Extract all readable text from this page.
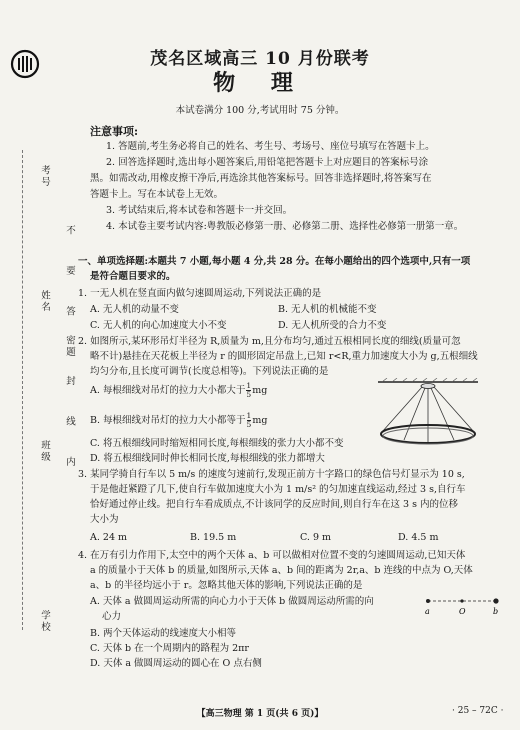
茂名区域高三 10 月份联考
物 理
本试卷满分 100 分,考试用时 75 分钟。
注意事项:
1. 答题前,考生务必将自己的姓名、考生号、考场号、座位号填写在答题卡上。
2. 回答选择题时,选出每小题答案后,用铅笔把答题卡上对应题目的答案标号涂
黑。如需改动,用橡皮擦干净后,再选涂其他答案标号。回答非选择题时,将答案写在
答题卡上。写在本试卷上无效。
3. 考试结束后,将本试卷和答题卡一并交回。
4. 本试卷主要考试内容:粤教版必修第一册、必修第二册、选择性必修第一册第一章。
考号
姓名
班级
学校
不 要 答 题
密 封 线 内
一、单项选择题:本题共 7 小题,每小题 4 分,共 28 分。在每小题给出的四个选项中,只有一项
是符合题目要求的。
1. 一无人机在竖直面内做匀速圆周运动,下列说法正确的是
A. 无人机的动量不变	B. 无人机的机械能不变
C. 无人机的向心加速度大小不变	D. 无人机所受的合力不变
2. 如图所示,某环形吊灯半径为 R,质量为 m,且分布均匀,通过五根相同长度的细线(质量可忽
略不计)悬挂在天花板上半径为 r 的圆形固定吊盘上,已知 r<R,重力加速度大小为 g,五根细线
均匀分布,且长度可调节(长度总相等)。下列说法正确的是
A. 每根细线对吊灯的拉力大小都大于 $\frac{1}{5}$ mg
B. 每根细线对吊灯的拉力大小都等于 $\frac{1}{5}$ mg
C. 将五根细线同时缩短相同长度,每根细线的张力大小都不变
D. 将五根细线同时伸长相同长度,每根细线的张力都增大
3. 某同学骑自行车以 5 m/s 的速度匀速前行,发现正前方十字路口的绿色信号灯显示为 10 s,
于是他赶紧蹬了几下,使自行车做加速度大小为 1 m/s² 的匀加速直线运动,经过 3 s,自行车
恰好通过停止线。把自行车看成质点,不计该同学的反应时间,则自行车在这 3 s 内的位移
大小为
A. 24 m	B. 19.5 m	C. 9 m	D. 4.5 m
4. 在万有引力作用下,太空中的两个天体 a、b 可以做相对位置不变的匀速圆周运动,已知天体
a 的质量小于天体 b 的质量,如图所示,天体 a、b 间的距离为 2r,a、b 连线的中点为 O,天体
a、b 的半径均远小于 r。忽略其他天体的影响,下列说法正确的是
A. 天体 a 做圆周运动所需的向心力小于天体 b 做圆周运动所需的向
心力
B. 两个天体运动的线速度大小相等
C. 天体 b 在一个周期内的路程为 2πr
D. 天体 a 做圆周运动的圆心在 O 点右侧
a	O	b
【高三物理 第 1 页(共 6 页)】	· 25 – 72C ·
